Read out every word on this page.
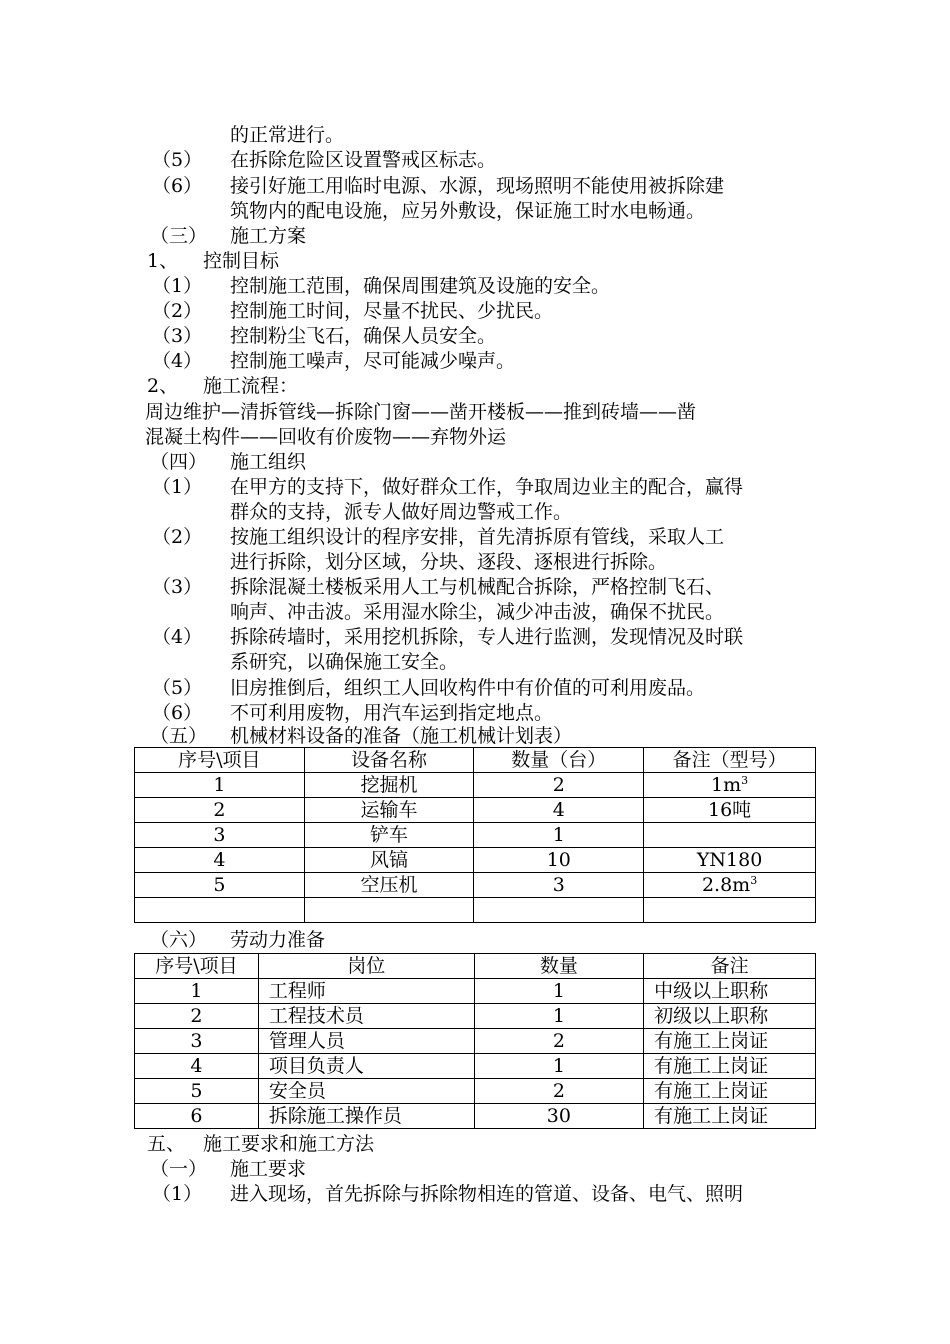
的正常进行。
（5） 在拆除危险区设置警戒区标志。
（6） 接引好施工用临时电源、水源，现场照明不能使用被拆除建
筑物内的配电设施，应另外敷设，保证施工时水电畅通。
（三） 施工方案
1、 控制目标
（1） 控制施工范围，确保周围建筑及设施的安全。
（2） 控制施工时间，尽量不扰民、少扰民。
（3） 控制粉尘飞石，确保人员安全。
（4） 控制施工噪声，尽可能减少噪声。
2、 施工流程：
周边维护—清拆管线—拆除门窗——凿开楼板——推到砖墙——凿
混凝土构件——回收有价废物——弃物外运
（四） 施工组织
（1） 在甲方的支持下，做好群众工作，争取周边业主的配合，赢得
群众的支持，派专人做好周边警戒工作。
（2） 按施工组织设计的程序安排，首先清拆原有管线，采取人工
进行拆除，划分区域，分块、逐段、逐根进行拆除。
（3） 拆除混凝土楼板采用人工与机械配合拆除，严格控制飞石、
响声、冲击波。采用湿水除尘，减少冲击波，确保不扰民。
（4） 拆除砖墙时，采用挖机拆除，专人进行监测，发现情况及时联
系研究，以确保施工安全。
（5） 旧房推倒后，组织工人回收构件中有价值的可利用废品。
（6） 不可利用废物，用汽车运到指定地点。
（五） 机械材料设备的准备（施工机械计划表）
序号\项目	设备名称	数量（台）	备注（型号）
1	挖掘机	2	$1m^3$
2	运输车	4	16吨
3	铲车	1	
4	风镐	10	YN180
5	空压机	3	$2.8m^3$

（六） 劳动力准备
序号\项目	岗位	数量	备注
1	工程师	1	中级以上职称
2	工程技术员	1	初级以上职称
3	管理人员	2	有施工上岗证
4	项目负责人	1	有施工上岗证
5	安全员	2	有施工上岗证
6	拆除施工操作员	30	有施工上岗证
五、 施工要求和施工方法
（一） 施工要求
（1） 进入现场，首先拆除与拆除物相连的管道、设备、电气、照明
